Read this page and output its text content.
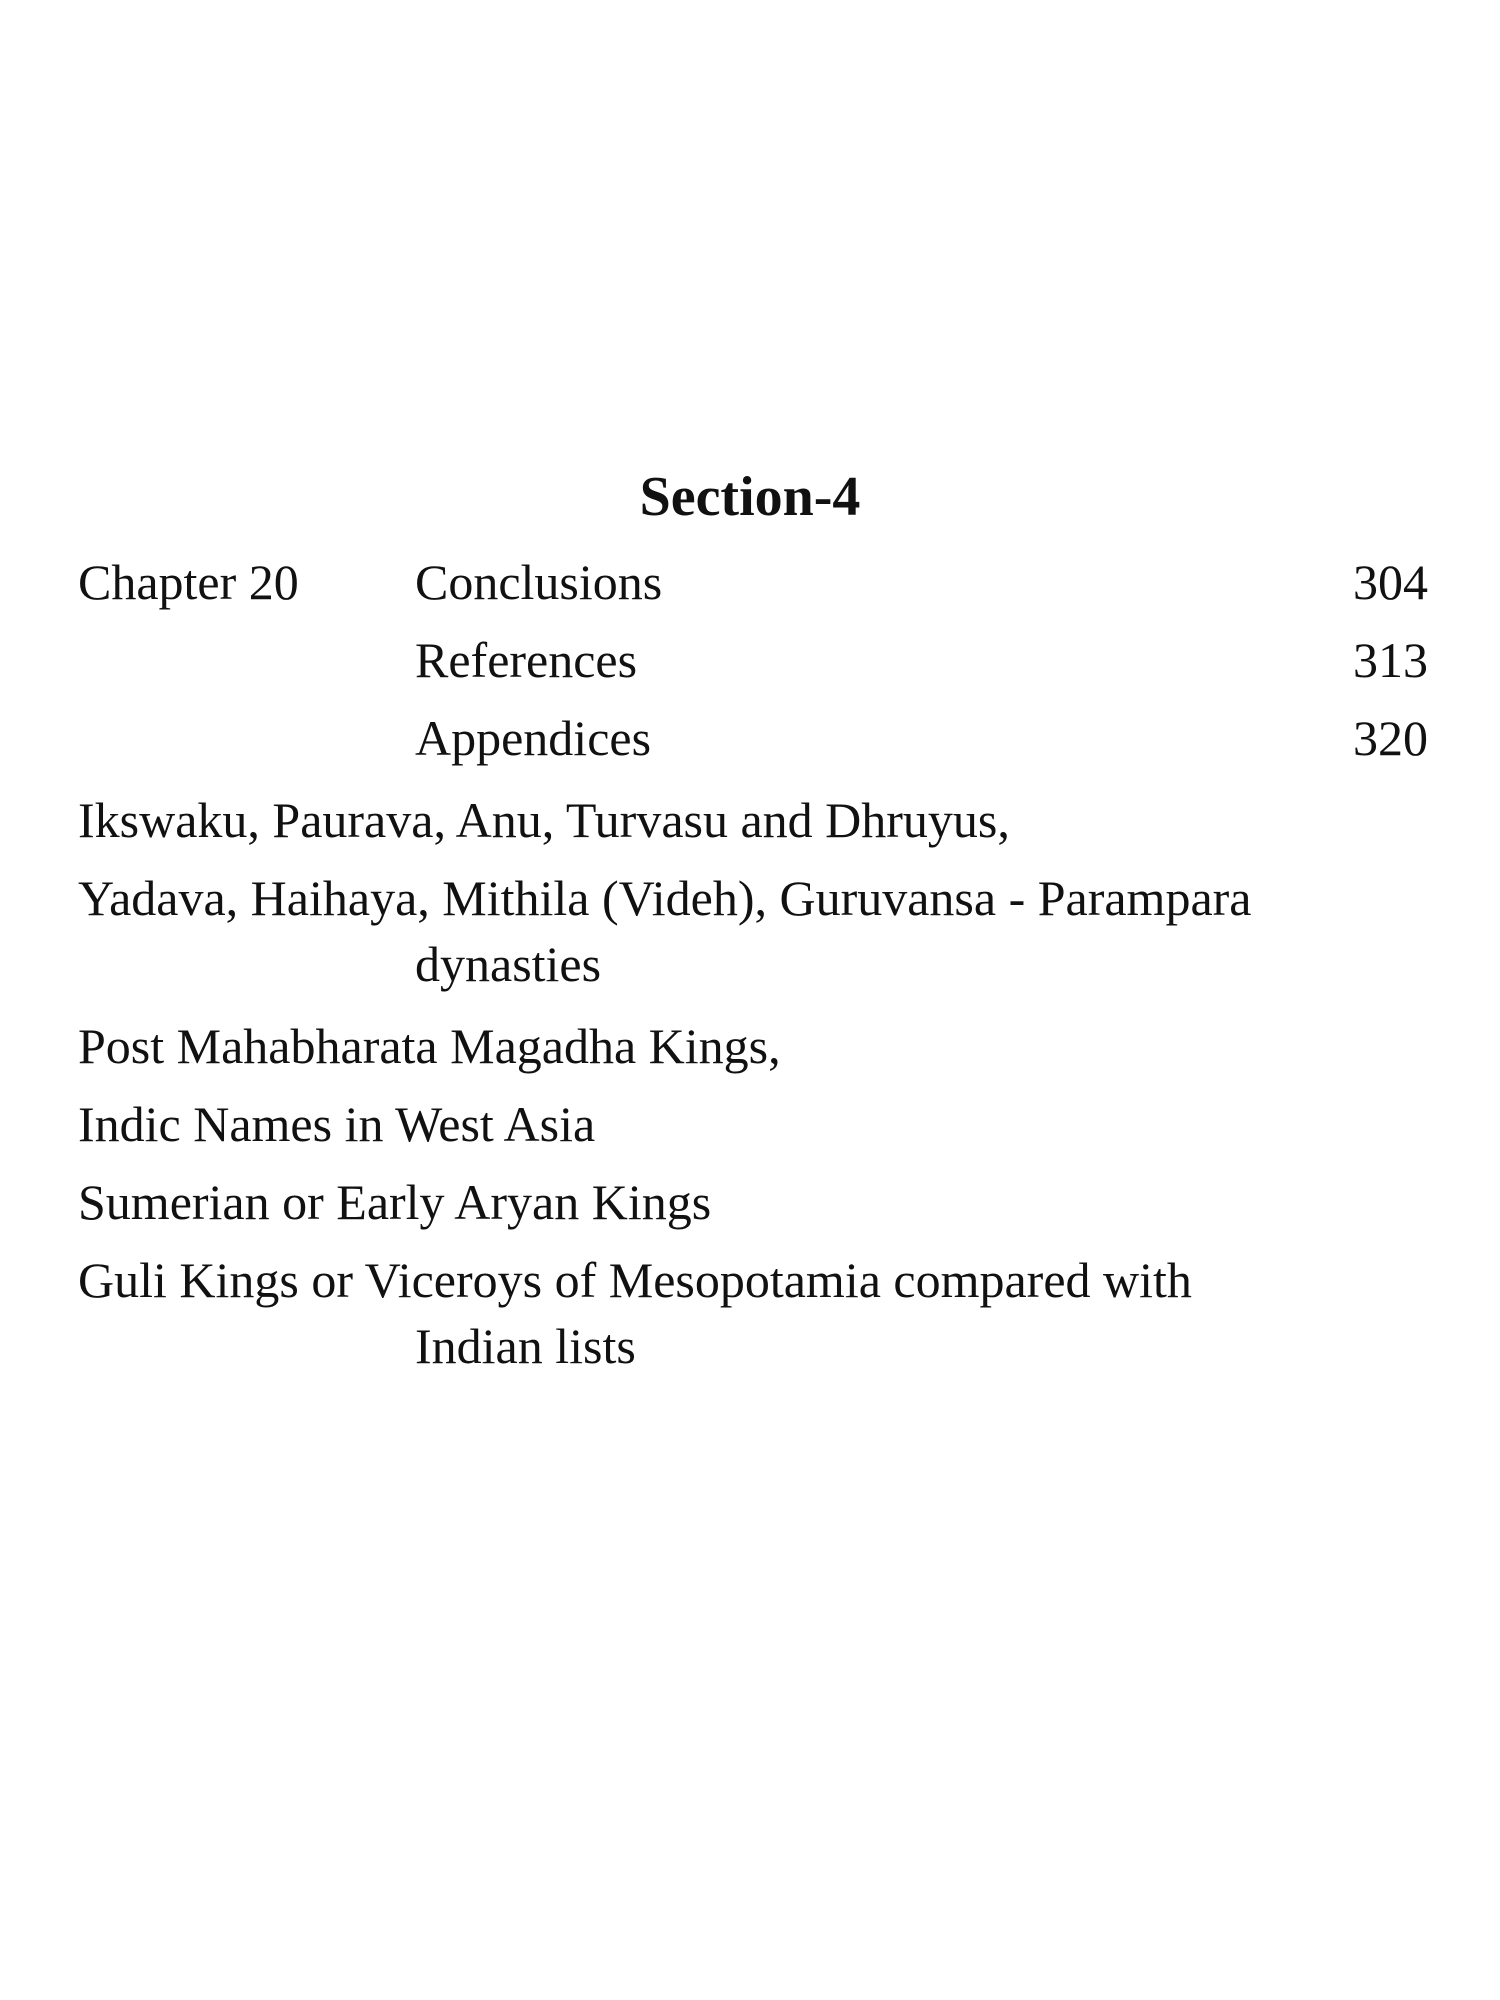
Section-4
Chapter 20 Conclusions	304
References	313
Appendices	320
Ikswaku, Paurava, Anu, Turvasu and Dhruyus,
Yadava, Haihaya, Mithila (Videh), Guruvansa - Parampara
dynasties
Post Mahabharata Magadha Kings,
Indic Names in West Asia
Sumerian or Early Aryan Kings
Guli Kings or Viceroys of Mesopotamia compared with
Indian lists
